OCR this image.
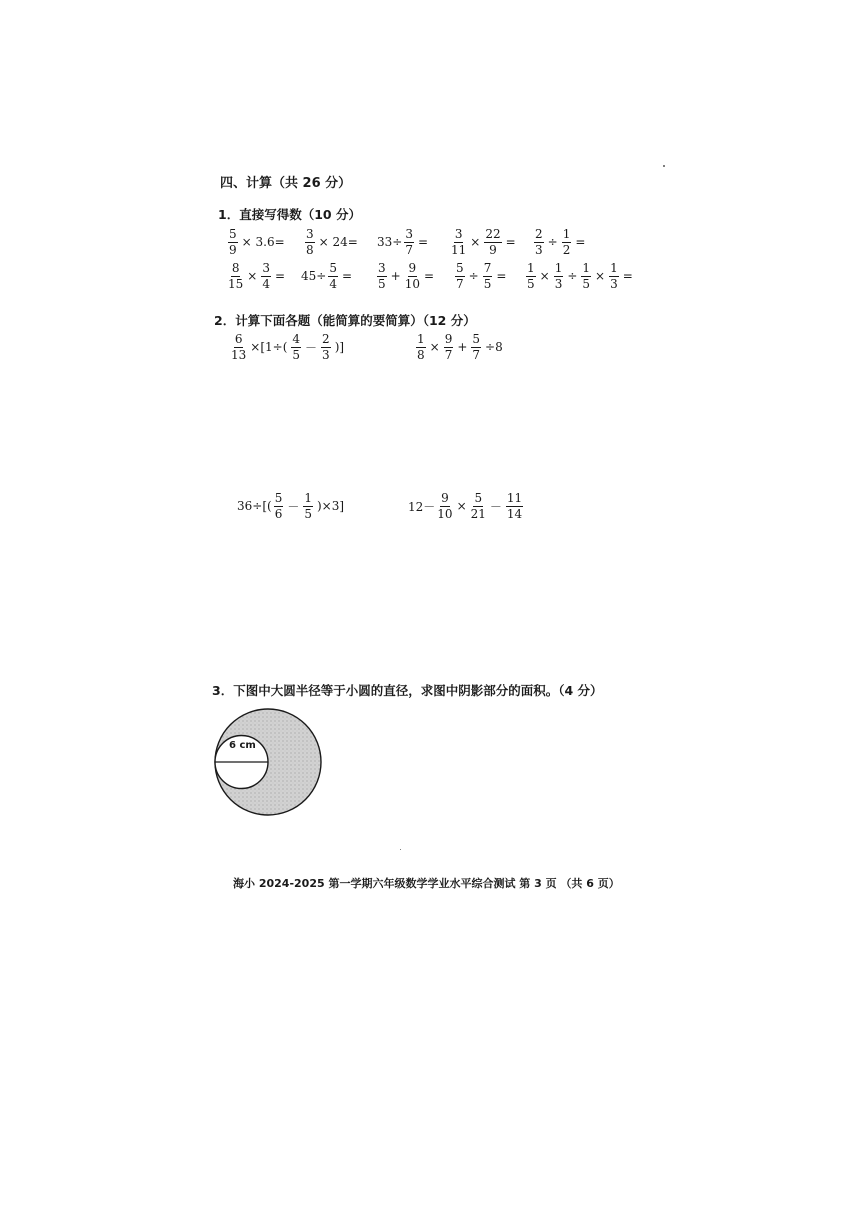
四、计算（共 26 分）
1．直接写得数（10 分）
$\frac{5}{9} \times 3.6= \frac{3}{8} \times 24= 33\div \frac{3}{7} = \frac{3}{11} \times \frac{22}{9} = \frac{2}{3} \div \frac{1}{2}$ =
$\frac{8}{15} \times \frac{3}{4} = 45\div \frac{5}{4} = \frac{3}{5} + \frac{9}{10} = \frac{5}{7} \div \frac{7}{5} = \frac{1}{5} \times \frac{1}{3} \div \frac{1}{5} \times \frac{1}{3}$ =
2．计算下面各题（能简算的要简算）（12 分）
$\frac{6}{13} \times[1\div( \frac{4}{5} - \frac{2}{3}$ )]	$\frac{1}{8} \times \frac{9}{7} + \frac{5}{7} \div 8$
$36\div[( \frac{5}{6} - \frac{1}{5} )\times 3]$	$12- \frac{9}{10} \times \frac{5}{21} - \frac{11}{14}$
3．下图中大圆半径等于小圆的直径，求图中阴影部分的面积。（4 分）
6 cm
海小 2024-2025 第一学期六年级数学学业水平综合测试 第 3 页 （共 6 页）
